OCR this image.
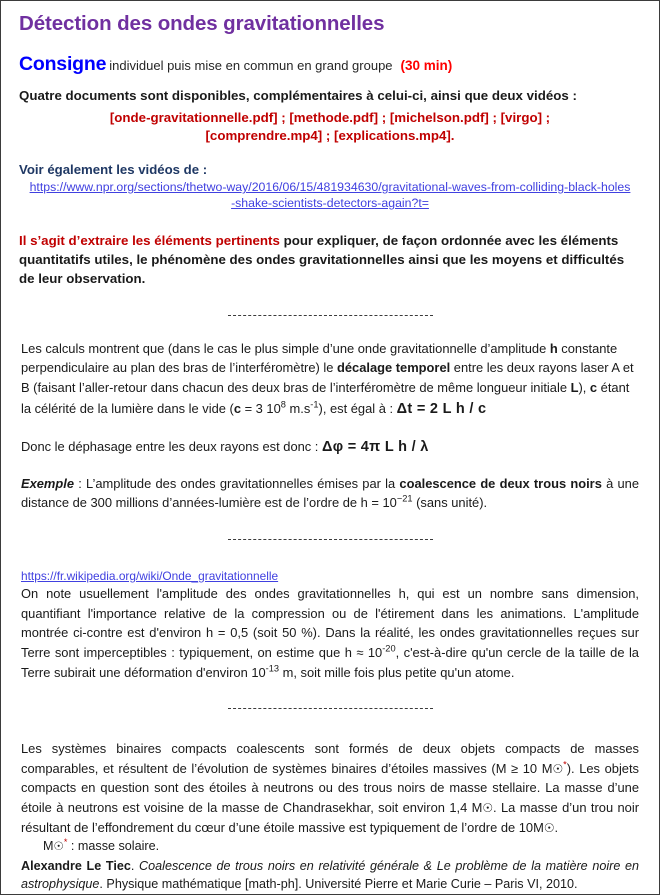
Détection des ondes gravitationnelles
Consigne individuel puis mise en commun en grand groupe (30 min)
Quatre documents sont disponibles, complémentaires à celui-ci, ainsi que deux vidéos :
[onde-gravitationnelle.pdf] ; [methode.pdf] ; [michelson.pdf] ; [virgo] ;
[comprendre.mp4] ; [explications.mp4].
Voir également les vidéos de :
https://www.npr.org/sections/thetwo-way/2016/06/15/481934630/gravitational-waves-from-colliding-black-holes-shake-scientists-detectors-again?t=
Il s’agit d’extraire les éléments pertinents pour expliquer, de façon ordonnée avec les éléments quantitatifs utiles, le phénomène des ondes gravitationnelles ainsi que les moyens et difficultés de leur observation.
Les calculs montrent que (dans le cas le plus simple d’une onde gravitationnelle d’amplitude h constante perpendiculaire au plan des bras de l’interféromètre) le décalage temporel entre les deux rayons laser A et B (faisant l’aller-retour dans chacun des deux bras de l’interféromètre de même longueur initiale L), c étant la célérité de la lumière dans le vide (c = 3 $10^8$ $m.s^{-1}$), est égal à : Δt = 2 L h / c
Donc le déphasage entre les deux rayons est donc : Δφ = 4π L h / λ
Exemple : L’amplitude des ondes gravitationnelles émises par la coalescence de deux trous noirs à une distance de 300 millions d’années-lumière est de l’ordre de $h = 10^{-21}$ (sans unité).
https://fr.wikipedia.org/wiki/Onde_gravitationnelle
On note usuellement l'amplitude des ondes gravitationnelles h, qui est un nombre sans dimension, quantifiant l'importance relative de la compression ou de l'étirement dans les animations. L'amplitude montrée ci-contre est d'environ h = 0,5 (soit 50 %). Dans la réalité, les ondes gravitationnelles reçues sur Terre sont imperceptibles : typiquement, on estime que $h \approx 10^{-20}$, c'est-à-dire qu'un cercle de la taille de la Terre subirait une déformation d'environ $10^{-13}$ m, soit mille fois plus petite qu'un atome.
Les systèmes binaires compacts coalescents sont formés de deux objets compacts de masses comparables, et résultent de l’évolution de systèmes binaires d’étoiles massives (M ≥ 10 M☉*). Les objets compacts en question sont des étoiles à neutrons ou des trous noirs de masse stellaire. La masse d’une étoile à neutrons est voisine de la masse de Chandrasekhar, soit environ 1,4 M☉. La masse d’un trou noir résultant de l’effondrement du cœur d’une étoile massive est typiquement de l’ordre de 10M☉.
M☉* : masse solaire.
Alexandre Le Tiec. Coalescence de trous noirs en relativité générale & Le problème de la matière noire en astrophysique. Physique mathématique [math-ph]. Université Pierre et Marie Curie – Paris VI, 2010.
